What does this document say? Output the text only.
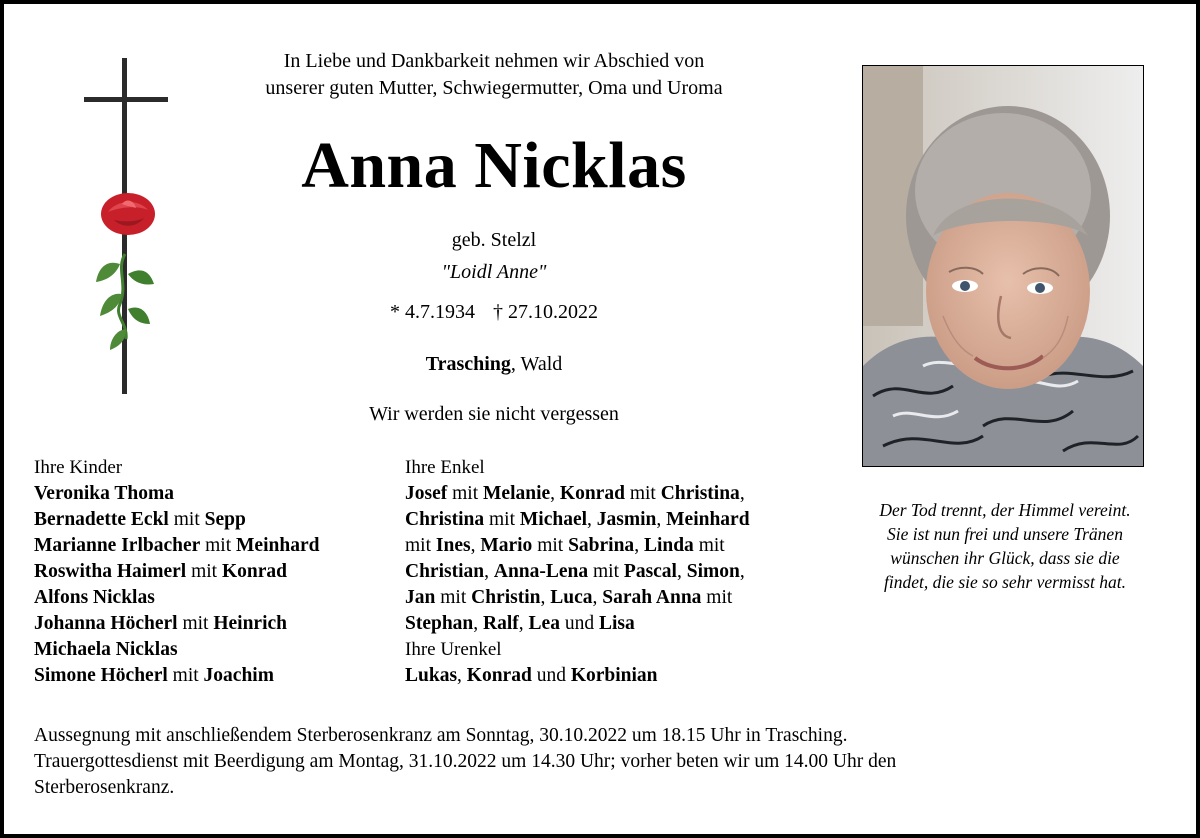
In Liebe und Dankbarkeit nehmen wir Abschied von
unserer guten Mutter, Schwiegermutter, Oma und Uroma
Anna Nicklas
geb. Stelzl
"Loidl Anne"
* 4.7.1934 † 27.10.2022
Trasching, Wald
Wir werden sie nicht vergessen
Ihre Kinder
Veronika Thoma
Bernadette Eckl mit Sepp
Marianne Irlbacher mit Meinhard
Roswitha Haimerl mit Konrad
Alfons Nicklas
Johanna Höcherl mit Heinrich
Michaela Nicklas
Simone Höcherl mit Joachim
Ihre Enkel
Josef mit Melanie, Konrad mit Christina,
Christina mit Michael, Jasmin, Meinhard
mit Ines, Mario mit Sabrina, Linda mit
Christian, Anna-Lena mit Pascal, Simon,
Jan mit Christin, Luca, Sarah Anna mit
Stephan, Ralf, Lea und Lisa
Ihre Urenkel
Lukas, Konrad und Korbinian
Der Tod trennt, der Himmel vereint.
Sie ist nun frei und unsere Tränen
wünschen ihr Glück, dass sie die
findet, die sie so sehr vermisst hat.
Aussegnung mit anschließendem Sterberosenkranz am Sonntag, 30.10.2022 um 18.15 Uhr in Trasching.
Trauergottesdienst mit Beerdigung am Montag, 31.10.2022 um 14.30 Uhr; vorher beten wir um 14.00 Uhr den
Sterberosenkranz.
